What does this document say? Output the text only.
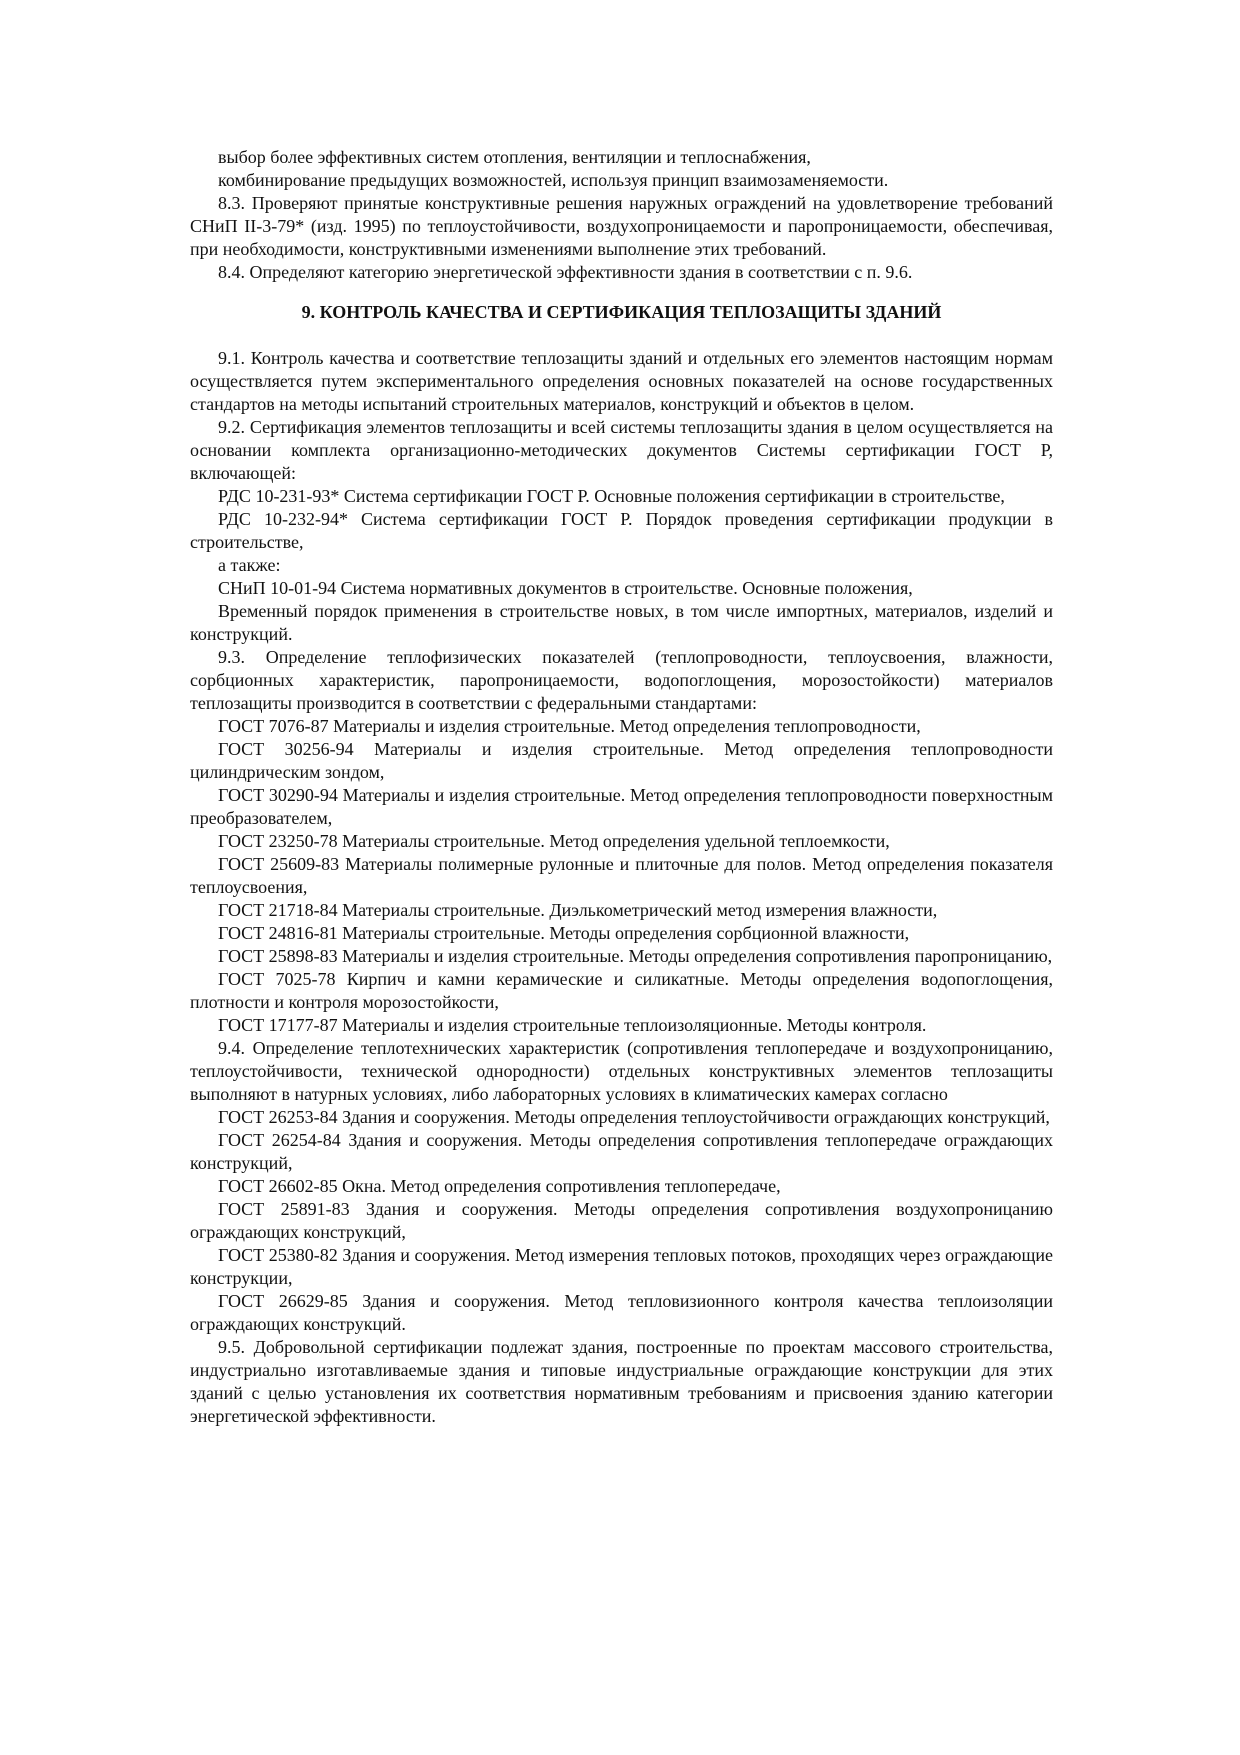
выбор более эффективных систем отопления, вентиляции и теплоснабжения,

комбинирование предыдущих возможностей, используя принцип взаимозаменяемости.

8.3. Проверяют принятые конструктивные решения наружных ограждений на удовлетворение требований СНиП II-3-79* (изд. 1995) по теплоустойчивости, воздухопроницаемости и паропроницаемости, обеспечивая, при необходимости, конструктивными изменениями выполнение этих требований.

8.4. Определяют категорию энергетической эффективности здания в соответствии с п. 9.6.

9. КОНТРОЛЬ КАЧЕСТВА И СЕРТИФИКАЦИЯ ТЕПЛОЗАЩИТЫ ЗДАНИЙ

9.1. Контроль качества и соответствие теплозащиты зданий и отдельных его элементов настоящим нормам осуществляется путем экспериментального определения основных показателей на основе государственных стандартов на методы испытаний строительных материалов, конструкций и объектов в целом.

9.2. Сертификация элементов теплозащиты и всей системы теплозащиты здания в целом осуществляется на основании комплекта организационно-методических документов Системы сертификации ГОСТ Р, включающей:

РДС 10-231-93* Система сертификации ГОСТ Р. Основные положения сертификации в строительстве,

РДС 10-232-94* Система сертификации ГОСТ Р. Порядок проведения сертификации продукции в строительстве,

а также:

СНиП 10-01-94 Система нормативных документов в строительстве. Основные положения,

Временный порядок применения в строительстве новых, в том числе импортных, материалов, изделий и конструкций.

9.3. Определение теплофизических показателей (теплопроводности, теплоусвоения, влажности, сорбционных характеристик, паропроницаемости, водопоглощения, морозостойкости) материалов теплозащиты производится в соответствии с федеральными стандартами:

ГОСТ 7076-87 Материалы и изделия строительные. Метод определения теплопроводности,

ГОСТ 30256-94 Материалы и изделия строительные. Метод определения теплопроводности цилиндрическим зондом,

ГОСТ 30290-94 Материалы и изделия строительные. Метод определения теплопроводности поверхностным преобразователем,

ГОСТ 23250-78 Материалы строительные. Метод определения удельной теплоемкости,

ГОСТ 25609-83 Материалы полимерные рулонные и плиточные для полов. Метод определения показателя теплоусвоения,

ГОСТ 21718-84 Материалы строительные. Диэлькометрический метод измерения влажности,

ГОСТ 24816-81 Материалы строительные. Методы определения сорбционной влажности,

ГОСТ 25898-83 Материалы и изделия строительные. Методы определения сопротивления паропроницанию,

ГОСТ 7025-78 Кирпич и камни керамические и силикатные. Методы определения водопоглощения, плотности и контроля морозостойкости,

ГОСТ 17177-87 Материалы и изделия строительные теплоизоляционные. Методы контроля.

9.4. Определение теплотехнических характеристик (сопротивления теплопередаче и воздухопроницанию, теплоустойчивости, технической однородности) отдельных конструктивных элементов теплозащиты выполняют в натурных условиях, либо лабораторных условиях в климатических камерах согласно

ГОСТ 26253-84 Здания и сооружения. Методы определения теплоустойчивости ограждающих конструкций,

ГОСТ 26254-84 Здания и сооружения. Методы определения сопротивления теплопередаче ограждающих конструкций,

ГОСТ 26602-85 Окна. Метод определения сопротивления теплопередаче,

ГОСТ 25891-83 Здания и сооружения. Методы определения сопротивления воздухопроницанию ограждающих конструкций,

ГОСТ 25380-82 Здания и сооружения. Метод измерения тепловых потоков, проходящих через ограждающие конструкции,

ГОСТ 26629-85 Здания и сооружения. Метод тепловизионного контроля качества теплоизоляции ограждающих конструкций.

9.5. Добровольной сертификации подлежат здания, построенные по проектам массового строительства, индустриально изготавливаемые здания и типовые индустриальные ограждающие конструкции для этих зданий с целью установления их соответствия нормативным требованиям и присвоения зданию категории энергетической эффективности.
